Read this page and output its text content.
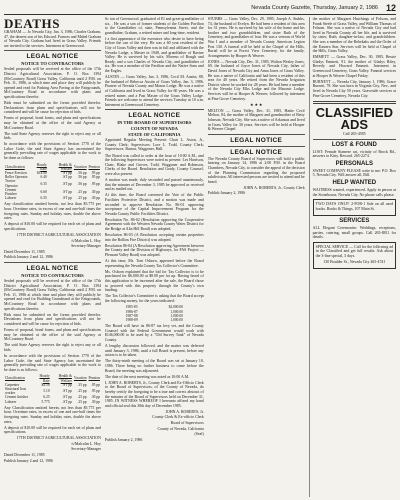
Nevada County Gazette, Thursday, January 2, 1986 12
DEATHS

GRAHAM — Jo Nevada City, Jan. 3, 1986, Charles Graham, 47, the dearest son of his Edward. Frances and Mabel Graham of Nevada City. Graham had lived in Grass Valley. Friends are invited to the services. Interment at Greenwood.

LEGAL NOTICE
NOTICE TO CONTRACTORS

Sealed proposals will be received at the office of the 17th District Agricultural Association, P. O. Box 1394 (McCourtney Road) Grass Valley, California until 2 P.M. on Feb. 11, 1986, at which time and place they will publicly be opened and read for Parking Area Paving at the Fairgrounds, McCourtney Road in accordance with plans and specifications therefor.

Bids must be submitted on the forms provided therefor. Declarations from plans and specifications will not be considered and will be cause for rejection of bids.

Forms of proposal, bond forms, and plans and specifications may be obtained at the office of the said Agency at McCourtney Road.

The said State Agency reserves the right to reject any or all bids.

In accordance with the provisions of Section 1770 of the Labor Code, the said State Agency has ascertained the generally prevailing rate of wages applicable to the work to be done as follows:

Classification	Hourly Rate	Health & Welfare	Vacation	Pension
Fence Erection	$14.88	.ST pp	.56 pp	.95 pp
Roller Operator	6.40	.ST pp	.56 pp	.95 pp
Tractor Operator	6.35	.ST pp	.56 pp	.95 pp
Cement Finisher	6.60	.ST pp	.25 pp	.30 pp
Laborer	6.35	.ST pp	.25 pp	.30 pp

Any classification omitted herein, not less than $5.775 per hour. Overtime rates, in excess of one and one-half times the foregoing rates. Sunday and holiday rates, double the above rates.

A deposit of $10.00 will be required for each set of plans and specifications.

17TH DISTRICT AGRICULTURAL ASSOCIATION
/s/Malcolm L. Hoy
Secretary-Manager
Dated December 11, 1985
Publish January 2 and 12, 1986
LEGAL NOTICE
NOTICE TO CONTRACTORS

Sealed proposals will be received at the office of the 17th District Agricultural Association, P. O. Box 1394 (McCourtney Road) Grass Valley, California until 2 P.M. on Feb. 11, 1986 at which time and place they will publicly be opened and read for Building Grandstand at the Fairgrounds, McCourtney Road in accordance with plans and specifications therefor.

Bids must be submitted on the forms provided therefor. Deviations from plans and specifications will not be considered and will be cause for rejection of bids.

Forms of proposal, bond forms, and plans and specifications may be obtained at the office of the said Agency at McCourtney Road.

The said State Agency reserves the right to reject any or all bids.

In accordance with the provisions of Section 1770 of the Labor Code, the said State Agency has ascertained the generally prevailing rate of wages applicable to the work to be done is as follows:

Classification	Hourly Rate	Health & Welfare	Vacation	Pension
Carpenter	$4.58	.ST pp	.35 pp	.95 pp
Structural Iron worker	5.10	.ST pp	.25 pp	.95 pp
Cement finisher	6.25	.ST pp	.25 pp	.30 pp
Laborer	5.775	.ST pp	.25 pp	.30 pp

Any Classification omitted herein, not less than $5.775 per hour. Overtime rates, in excess of one and one-half times the foregoing rates. Sunday and holiday rates, double the above rates.

A deposit of $10.00 will be required for each set of plans and specifications.

17TH DISTRICT AGRICULTURAL ASSOCIATION
/s/Malcolm L. Hoy
Secretary-Manager
Dated December 11, 1985
Publish January 2 and 12, 1986

Sc ion of Greenwood, graduated of El and great-grandfather of six, . He was a son of former students of the Golden Pavilion to the Grandfather of, state, Pennsylvania Street, and the grandfather, Graham, a retired miner and long-time, resident.

f a first appearance of the executors who desire to have being before the can of the very. He was a 60 year resident of the City of Grass Valley and then was in full and affiliated with the Nevada Lodge, a Master in 1948, and grandfather of Ravine Valley. He is survived by his wife, Moreno of Rough and Ready, and a son Charles of Nevada City, and grandfather of six. He was a member of the Pavilion and the Native Sons and the Eagles.

AUSTIN — Grass Valley, Jan. 3, 1986, Cecil M. Austin, 88, the husband of Rebecca Austin of Grass Valley, Jan. 3, 1986, Pioneer of Nevada County and Mason Lodge. He was a native of California and lived in Grass Valley for 60 years. He was a retired miner, and a Past Master of the Grass Valley Lodge. Friends are welcome to attend the services Tuesday at 10 a.m. Interment at Greenwood Cemetery.

LEGAL NOTICE
IN THE BOARD OF SUPERVISORS
COUNTY OF NEVADA
STATE OF CALIFORNIA

Appointed Regular Meeting Present: Chair L. Aston, Jr., County Clerk; Supervisors: Lore L. Todd, County Clerk; Supervisors: Burton, Waggoner, Hall.

The Board was called to order at the hour of 10:00 A.M., and the following Supervisors were noted as present: Les Harrison, Chair; Blake and Groves, Todd, Waggoner and Robinson, Clerks of the Board. Resolution and Grady, County Counsel, were also present.

A motion was made, duly seconded and passed unanimously, that the minutes of December 3, 1985 be approved as received and as mailed out.

At this time, the Board convened the Vote of the Public Facilities Protective District, and a motion was made and seconded to approve Resolution No. 86-01 approving acceptance of the Capital Improvement Program for the Nevada County Public Facilities District.

Resolution No. 86-02 (Resolution approving the Cooperative Agreement with the Western Nevada County Water District for the Bridge at Alta Hill Road) was adopted.

Resolution 86-03 (A Resolution accepting certain properties into the Rollins Fire District) was adopted.

Resolution 86-04 (A Resolution approving Agreement between the County and the Division of Highways, for FAS Project — Pleasant Valley Road) was adopted.

At this time, Ms. Toni Osborn, appeared before the Board representing the Nevada County Tax Collector's Committee.

Ms. Osborn explained that the bid for Tax Collector is to be purchased for $6,000.00 at $8.00 per lot up. Having heard of this application to be increased after the sale, the Board chose to proceed with this property through the County's own funding.

The Tax Collector's Committee is asking that the Board accept the following money, for the years indicated:

1985-85	$2,000.00
1986-87	1,000.00
1987-88	1,000.00
1988-89	1,000.00

The Board will have its 86-87 tax levy set, and the County Counsel with the Federal Government would work with $146,000.00 to be used by a "Old Survey Tank" of Nevada County.

A lengthy discussion followed, and the matter was deferred until January 3, 1986, until a full Board is present, before any action is to be taken.

The thirty-ninth meeting of the Board was set at January 10, 1986. There being no further business to come before the Board, the meeting was adjourned.

The date of the next meeting was noted as 10:00 A.M.

I, JOHN A. ROBERTS, Jr., County Clerk and Ex-Officio Clerk to the Board of Supervisors, of the County of Nevada, do hereby certify the foregoing to be a true and correct abstract of the minutes of the Board of Supervisors held on December 31, 1985. IN WITNESS WHEREOF I hereunto affixed my hand and official seal this 30th day of December 1985.

JOHN A. ROBERTS, Jr.
County Clerk & Ex-officio Clerk
Board of Supervisors
County of Nevada, California
(Seal)
Publish January 2, 1986

STUBBS — Grass Valley, Dec. 29, 1985, Joseph A. Stubbs, 74, the husband of Evelyn. He had been a resident of this area for 31 years. He is survived by his wife of the home and his brother and two grandchildren, and sister Ruth of the Cemetery, and grandfather of four. He was a veteran of World War I and a member of Nevada County American Legion Post 130. A funeral will be held at the Chapel of the Hills, Burial will be at Forest View Cemetery, for the family. Arrangements by Hooper & Weaver.

JONES — Nevada City, Dec. 31, 1985, Walton Wesley Jones, 69, the husband of Joyce Jones of Nevada City, father of David Jones of Nevada City and Anna Jones of Grass Valley. He was a native of California and had been a resident of this area for 40 years. He retired from the Nevada Irrigation District where he worked for 28 years. He had been a member of the Nevada City Elks Lodge and the Masonic Lodge. Services will be at Hooper & Weaver, followed by interment at Pine Grove Cemetery.

★ ★ ★

MELTON — Grass Valley, Dec. 31, 1985, Hattie Cecil Melton, 84, the mother of Margaret and grandmother of Betty Johnson, Nevada City. She was a native of Arkansas and lived in Grass Valley for 30 years. Services will be held at Hooper & Weaver Chapel.

LEGAL NOTICE
LEGAL NOTICE

The Nevada County Board of Supervisors will hold a public hearing on January 14, 1986 at 2:00 P.M. in the Board Chambers, Nevada City, to consider the appeal of the decision of the Planning Commission regarding the proposed subdivision. All interested persons are invited to attend and be heard.

JOHN A. ROBERTS, Jr., County Clerk
Publish January 2, 1986

the mother of Margaret Hutchings of Folsom, and Frank Steele of Grass Valley, and William Thomas of Folsom. She was a native of Nevada City and had lived in Nevada County all her life, and is survived by sister, Ruth, daughter-in-law, and grandchildren. She was a member of the Rebekahs and the Order of the Eastern Star. Services will be held at Chapel of the Hills, Grass Valley.

EMMETT — Grass Valley, Dec. 30, 1985, Bessie Gladys Emmett, 91, the mother of Gladys Riley, Beverly and Howard Emmett. Interment in Greenwood Cemetery, Grass Valley. Funeral services at Hooper & Weaver Chapel Friday.

BURNETT — Nevada City, January 1, 1986, Grace Burnett, 78. She was born in Virginia City, Nev., and lived in Nevada City 50 years. Graveside services at Pine Grove Cemetery, Nevada City.

CLASSIFIED ADS
Call 265-4585
LOST & FOUND

LOST: Female Siamese cat, vicinity of Brock Rd., answers to Kitty. Reward. 265-2274.

PERSONALS

SWEET COMPANY PLEASE write to me: P.O. Box 5, Nevada City. Will answer all, Bill.

HELP WANTED

WAITRESS wanted, experienced. Apply in person at the Stonehouse, Nevada City. No phone calls please.

TWO DAYS ONLY! 2-FOR-1 Sale on all used books. Books & Things, 107 Main St.

SERVICES

ALL Elegant Ceremonies: Weddings, receptions, parties, catering, small groups. Call 265-8811 for details.

SPECIAL SERVICE — Call for the following ad in the Classified and get full results. Ask about the 3-line special, 3 days.

130 Boulder St., Nevada City 265-4741
